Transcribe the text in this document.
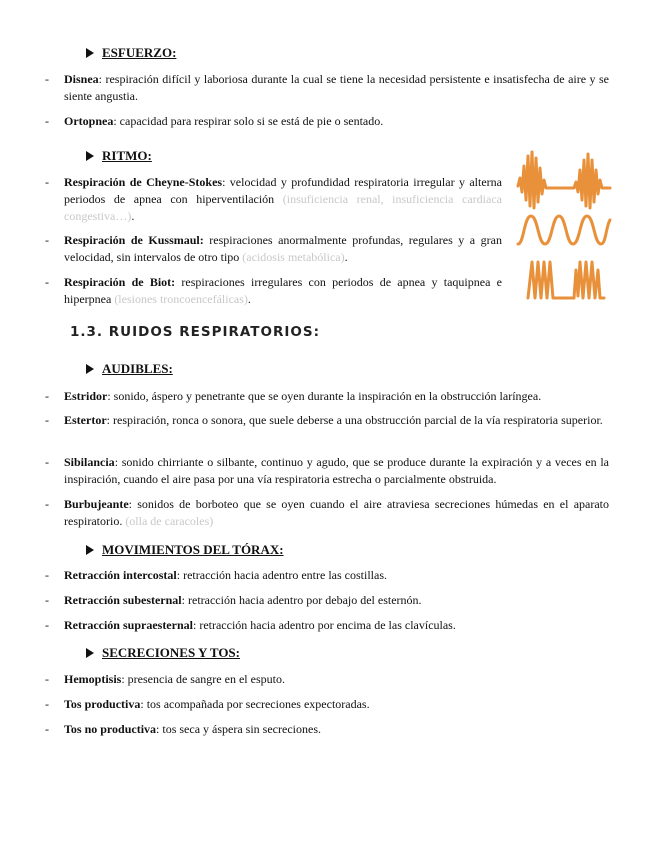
ESFUERZO:
- Disnea: respiración difícil y laboriosa durante la cual se tiene la necesidad persistente e insatisfecha de aire y se siente angustia.
- Ortopnea: capacidad para respirar solo si se está de pie o sentado.
RITMO:
- Respiración de Cheyne-Stokes: velocidad y profundidad respiratoria irregular y alterna periodos de apnea con hiperventilación (insuficiencia renal, insuficiencia cardiaca congestiva…).
- Respiración de Kussmaul: respiraciones anormalmente profundas, regulares y a gran velocidad, sin intervalos de otro tipo (acidosis metabólica).
- Respiración de Biot: respiraciones irregulares con periodos de apnea y taquipnea e hiperpnea (lesiones troncoencefálicas).
1.3. RUIDOS RESPIRATORIOS:
AUDIBLES:
- Estridor: sonido, áspero y penetrante que se oyen durante la inspiración en la obstrucción laríngea.
- Estertor: respiración, ronca o sonora, que suele deberse a una obstrucción parcial de la vía respiratoria superior.
- Sibilancia: sonido chirriante o silbante, continuo y agudo, que se produce durante la expiración y a veces en la inspiración, cuando el aire pasa por una vía respiratoria estrecha o parcialmente obstruida.
- Burbujeante: sonidos de borboteo que se oyen cuando el aire atraviesa secreciones húmedas en el aparato respiratorio. (olla de caracoles)
MOVIMIENTOS DEL TÓRAX:
- Retracción intercostal: retracción hacia adentro entre las costillas.
- Retracción subesternal: retracción hacia adentro por debajo del esternón.
- Retracción supraesternal: retracción hacia adentro por encima de las clavículas.
SECRECIONES Y TOS:
- Hemoptisis: presencia de sangre en el esputo.
- Tos productiva: tos acompañada por secreciones expectoradas.
- Tos no productiva: tos seca y áspera sin secreciones.
